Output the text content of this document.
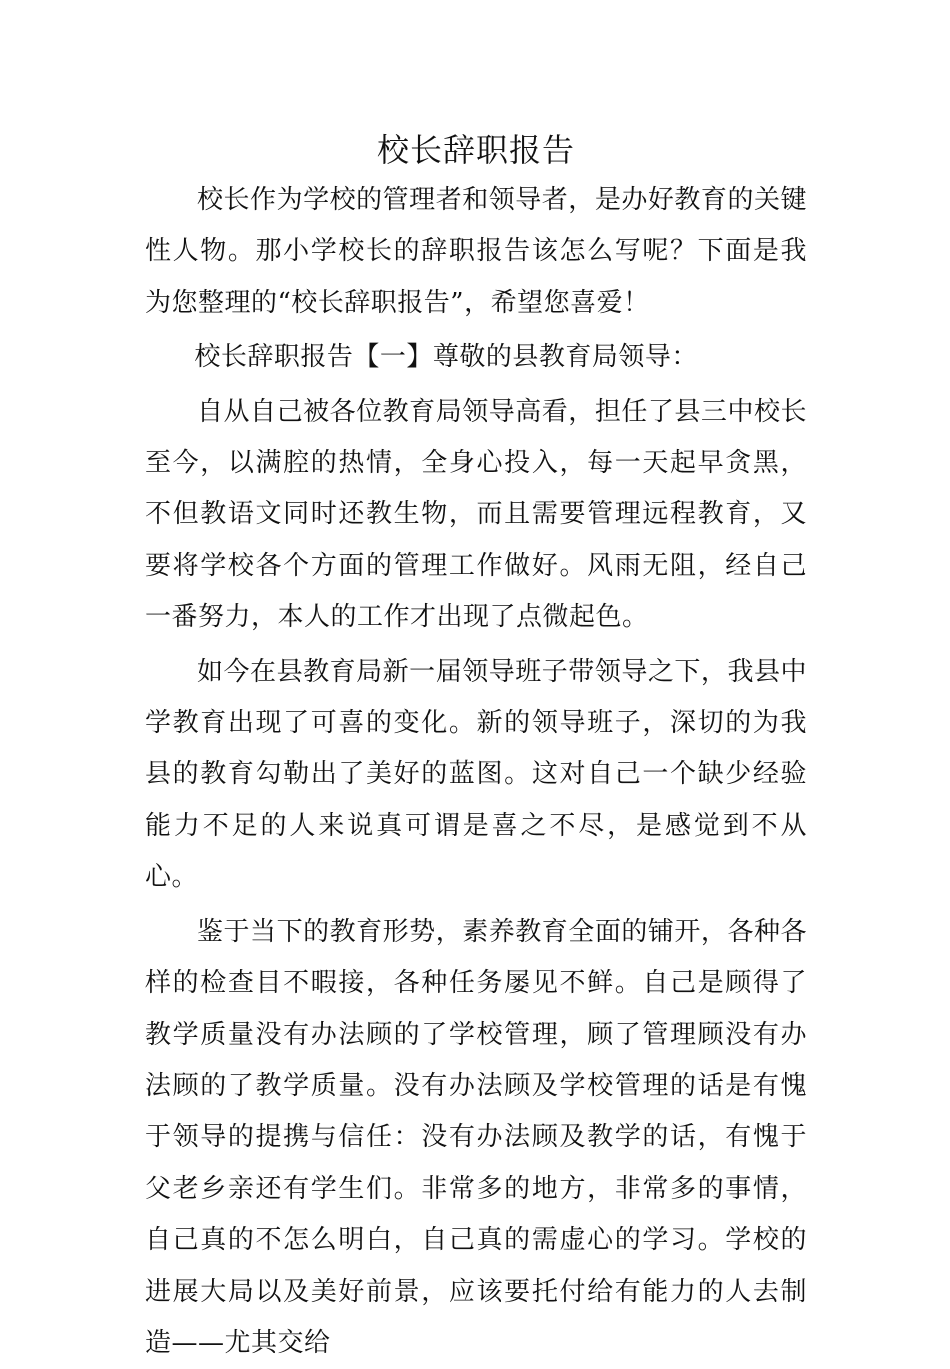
校长辞职报告

校长作为学校的管理者和领导者，是办好教育的关键性人物。那小学校长的辞职报告该怎么写呢？下面是我为您整理的“校长辞职报告”，希望您喜爱！

校长辞职报告【一】尊敬的县教育局领导：

自从自己被各位教育局领导高看，担任了县三中校长至今，以满腔的热情，全身心投入，每一天起早贪黑，不但教语文同时还教生物，而且需要管理远程教育，又要将学校各个方面的管理工作做好。风雨无阻，经自己一番努力，本人的工作才出现了点微起色。

如今在县教育局新一届领导班子带领导之下，我县中学教育出现了可喜的变化。新的领导班子，深切的为我县的教育勾勒出了美好的蓝图。这对自己一个缺少经验能力不足的人来说真可谓是喜之不尽，是感觉到不从心。

鉴于当下的教育形势，素养教育全面的铺开，各种各样的检查目不暇接，各种任务屡见不鲜。自己是顾得了教学质量没有办法顾的了学校管理，顾了管理顾没有办法顾的了教学质量。没有办法顾及学校管理的话是有愧于领导的提携与信任：没有办法顾及教学的话，有愧于父老乡亲还有学生们。非常多的地方，非常多的事情，自己真的不怎么明白，自己真的需虚心的学习。学校的进展大局以及美好前景，应该要托付给有能力的人去制造——尤其交给
